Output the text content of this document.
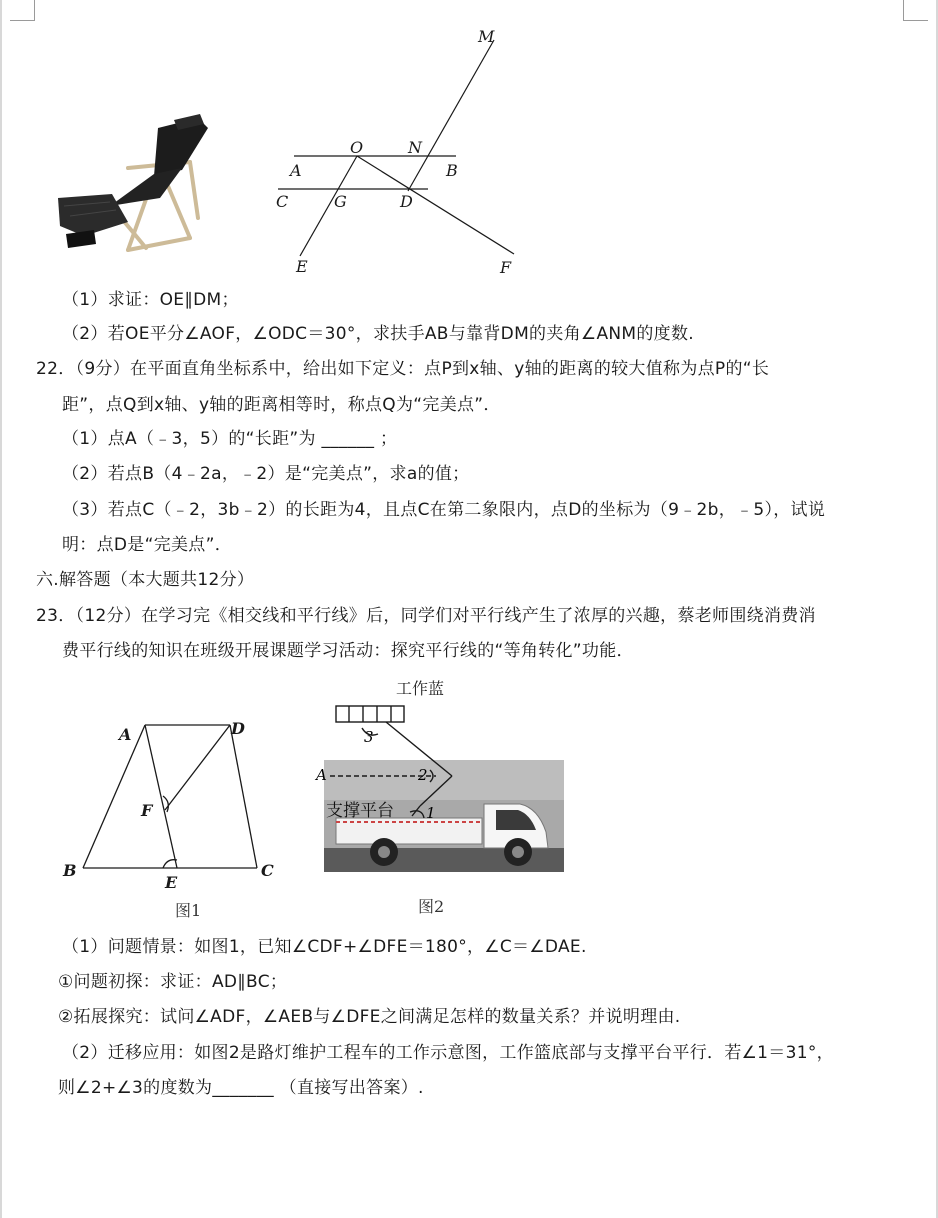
M
O	N
A	B
C	G	D
E	F
（1）求证：OE∥DM；
（2）若OE平分∠AOF，∠ODC＝30°，求扶手AB与靠背DM的夹角∠ANM的度数.
22．（9分）在平面直角坐标系中，给出如下定义：点P到x轴、y轴的距离的较大值称为点P的“长
距”，点Q到x轴、y轴的距离相等时，称点Q为“完美点”．
（1）点A（﹣3，5）的“长距”为 ______ ；
（2）若点B（4﹣2a，﹣2）是“完美点”，求a的值；
（3）若点C（﹣2，3b﹣2）的长距为4，且点C在第二象限内，点D的坐标为（9﹣2b，﹣5），试说
明：点D是“完美点”．
六.解答题（本大题共12分）
23．（12分）在学习完《相交线和平行线》后，同学们对平行线产生了浓厚的兴趣，蔡老师围绕消费消
费平行线的知识在班级开展课题学习活动：探究平行线的“等角转化”功能．
A	D
F
B
E
C
图1
工作蓝
3
A	2
1
支撑平台
图2
（1）问题情景：如图1，已知∠CDF+∠DFE＝180°，∠C＝∠DAE.
①问题初探：求证：AD∥BC；
②拓展探究：试问∠ADF，∠AEB与∠DFE之间满足怎样的数量关系？并说明理由.
（2）迁移应用：如图2是路灯维护工程车的工作示意图，工作篮底部与支撑平台平行．若∠1＝31°，
则∠2+∠3的度数为_______ （直接写出答案）.
